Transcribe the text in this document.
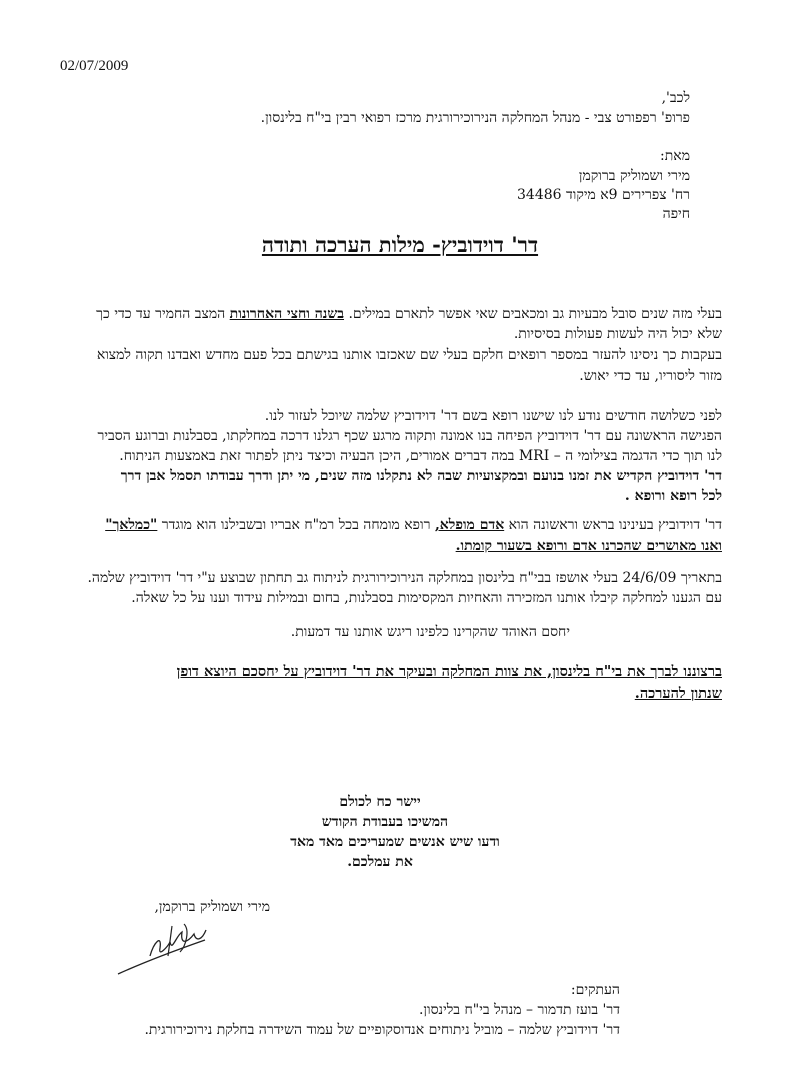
02/07/2009
לכב',
פרופ' רפפורט צבי - מנהל המחלקה הנירוכירורגית מרכז רפואי רבין בי"ח בלינסון.
מאת:
מירי ושמוליק ברוקמן
רח' צפרירים 9א מיקוד 34486
חיפה
דר' דוידוביץ- מילות הערכה ותודה
בעלי מזה שנים סובל מבעיות גב ומכאבים שאי אפשר לתארם במילים. בשנה וחצי האחרונות המצב החמיר עד כדי כך
שלא יכול היה לעשות פעולות בסיסיות.
בעקבות כך ניסינו להעזר במספר רופאים חלקם בעלי שם שאכזבו אותנו בגישתם בכל פעם מחדש ואבדנו תקוה למצוא
מזור ליסוריו, עד כדי יאוש.
לפני כשלושה חודשים נודע לנו שישנו רופא בשם דר' דוידוביץ שלמה שיוכל לעזור לנו.
הפגישה הראשונה עם דר' דוידוביץ הפיחה בנו אמונה ותקוה מרגע שכף רגלנו דרכה במחלקתו, בסבלנות וברוגע הסביר
לנו תוך כדי הדגמה בצילומי ה – MRI במה דברים אמורים, היכן הבעיה וכיצד ניתן לפתור זאת באמצעות הניתוח.
דר' דוידוביץ הקדיש את זמנו בנועם ובמקצועיות שבה לא נתקלנו מזה שנים, מי יתן ודרך עבודתו תסמל אבן דרך
לכל רופא ורופא .
דר' דוידוביץ בעינינו בראש וראשונה הוא אדם מופלא, רופא מומחה בכל רמ"ח אבריו ובשבילנו הוא מוגדר "כמלאך"
ואנו מאושרים שהכרנו אדם ורופא בשעור קומתו.
בתאריך 24/6/09 בעלי אושפז בבי"ח בלינסון במחלקה הנירוכירורגית לניתוח גב תחתון שבוצע ע"י דר' דוידוביץ שלמה.
עם הגענו למחלקה קיבלו אותנו המזכירה והאחיות המקסימות בסבלנות, בחום ובמילות עידוד וענו על כל שאלה.
יחסם האוהד שהקרינו כלפינו ריגש אותנו עד דמעות.
ברצוננו לברך את בי"ח בלינסון, את צוות המחלקה ובעיקר את דר' דוידוביץ על יחסכם היוצא דופן
שנתון להערכה.
יישר כח לכולם
המשיכו בעבודת הקודש
ודעו שיש אנשים שמעריכים מאד מאד
את עמלכם.
מירי ושמוליק ברוקמן,
העתקים:
דר' בועז תדמור – מנהל בי"ח בלינסון.
דר' דוידוביץ שלמה – מוביל ניתוחים אנדוסקופיים של עמוד השידרה בחלקת נירוכירורגית.
